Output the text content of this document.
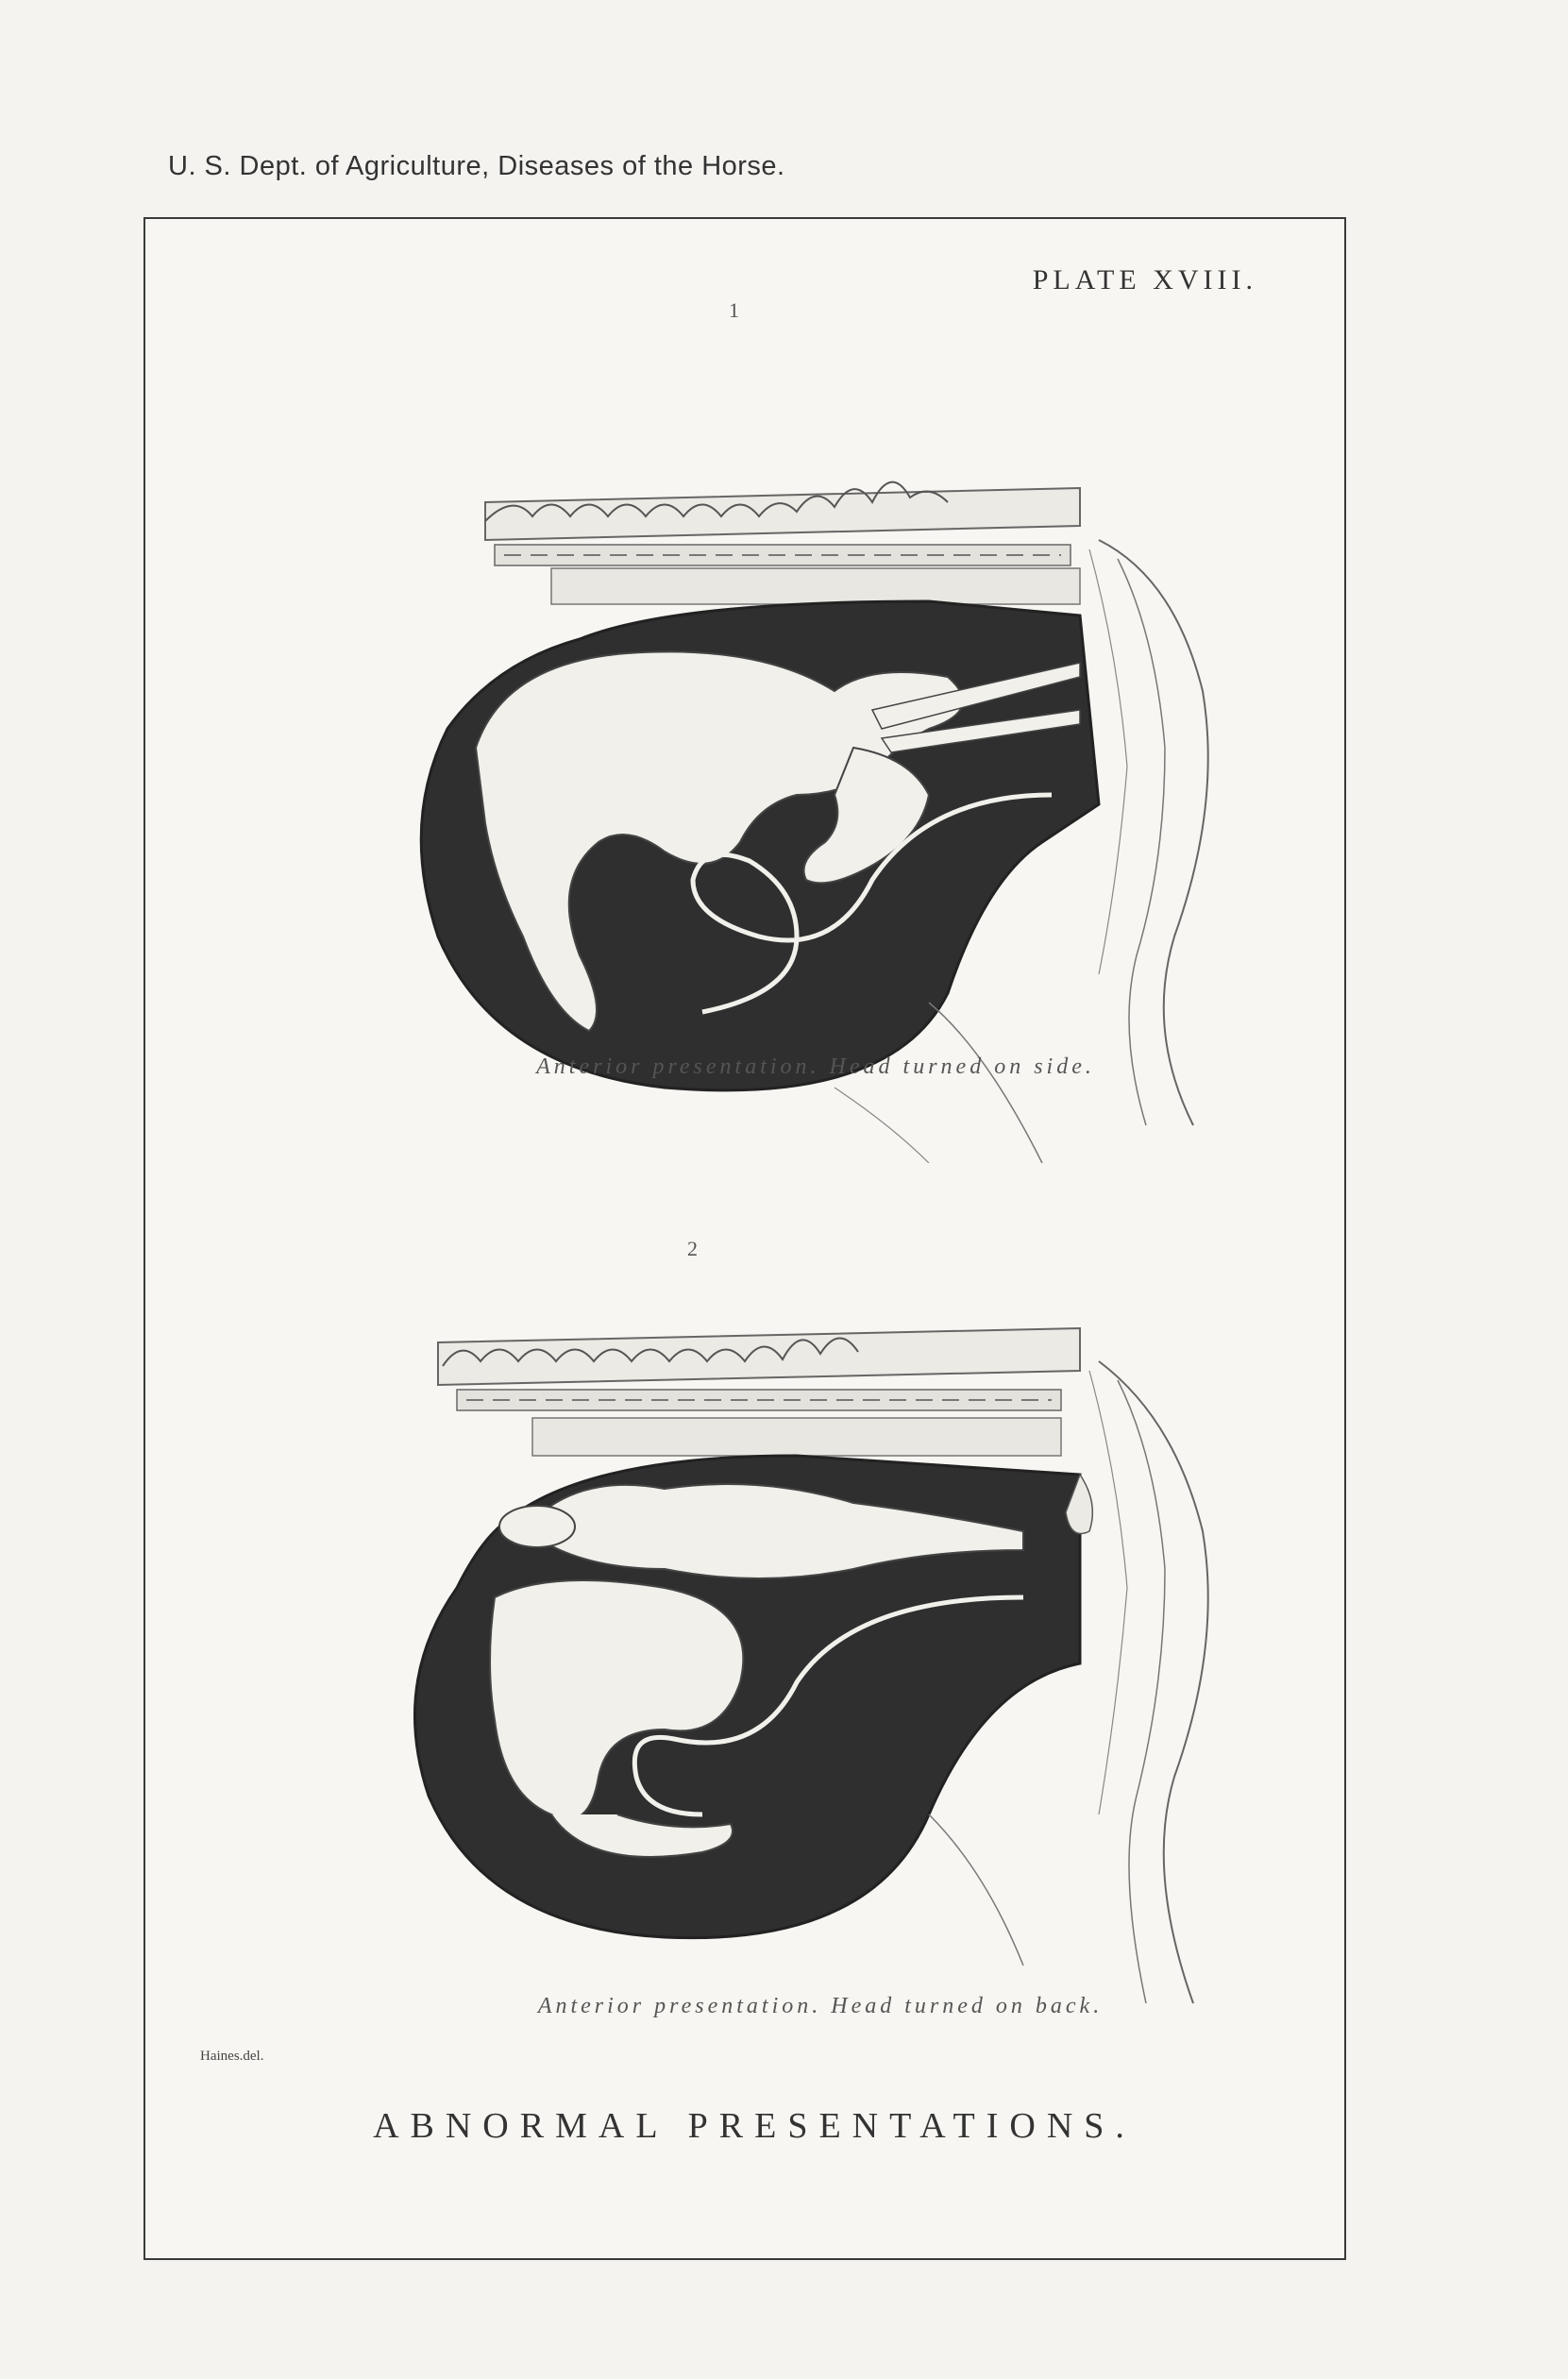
U. S. Dept. of Agriculture, Diseases of the Horse.
PLATE XVIII.
1
Anterior presentation. Head turned on side.
2
Anterior presentation. Head turned on back.
Haines.del.
ABNORMAL PRESENTATIONS.
